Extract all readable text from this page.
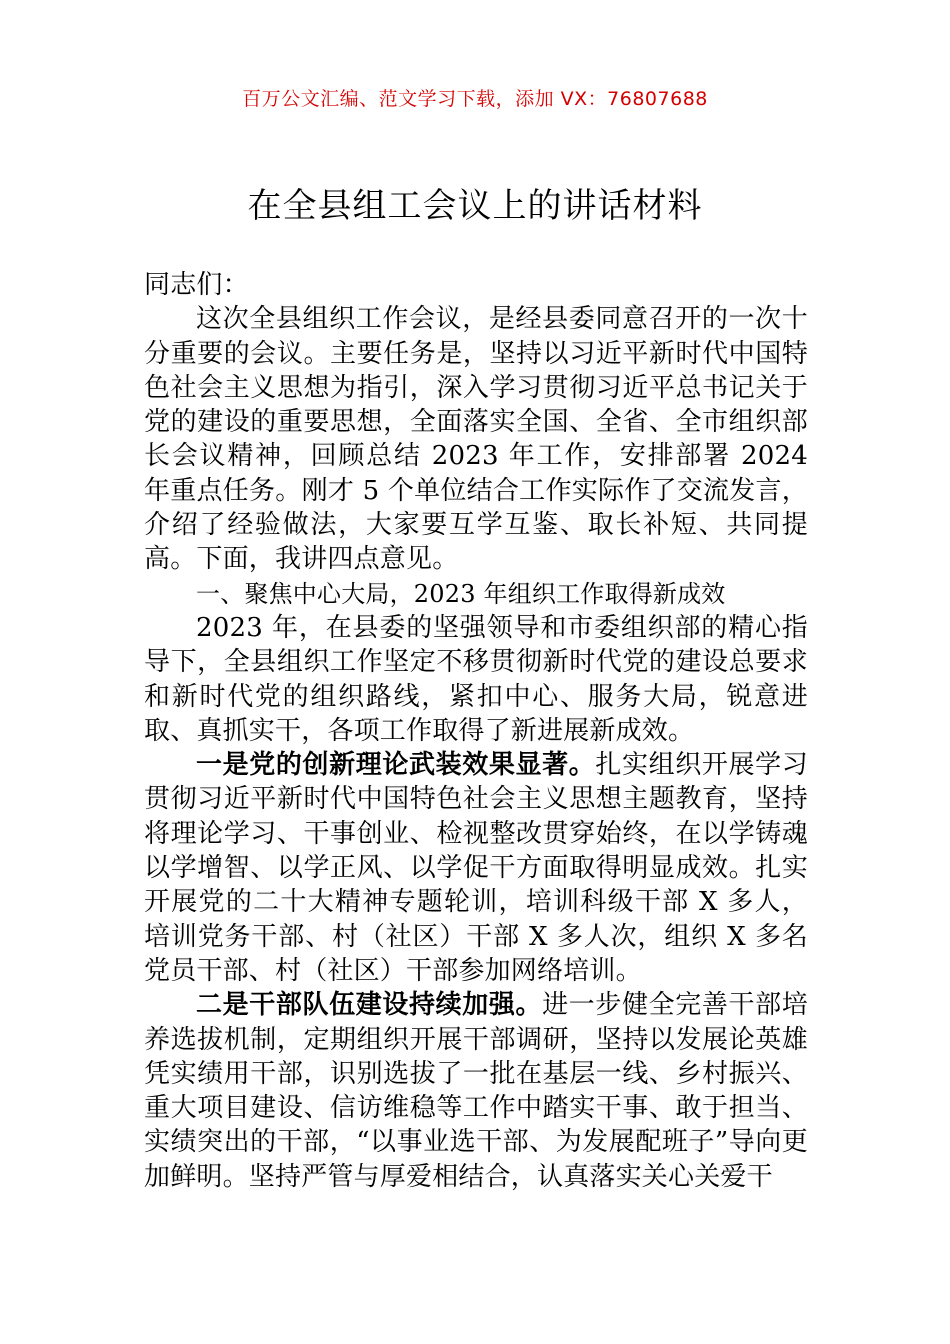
百万公文汇编、范文学习下载，添加 VX：76807688
在全县组工会议上的讲话材料

同志们：

这次全县组织工作会议，是经县委同意召开的一次十分重要的会议。主要任务是，坚持以习近平新时代中国特色社会主义思想为指引，深入学习贯彻习近平总书记关于党的建设的重要思想，全面落实全国、全省、全市组织部长会议精神，回顾总结 2023 年工作，安排部署 2024 年重点任务。刚才 5 个单位结合工作实际作了交流发言，介绍了经验做法，大家要互学互鉴、取长补短、共同提高。下面，我讲四点意见。

一、聚焦中心大局，2023 年组织工作取得新成效

2023 年，在县委的坚强领导和市委组织部的精心指导下，全县组织工作坚定不移贯彻新时代党的建设总要求和新时代党的组织路线，紧扣中心、服务大局，锐意进取、真抓实干，各项工作取得了新进展新成效。

一是党的创新理论武装效果显著。扎实组织开展学习贯彻习近平新时代中国特色社会主义思想主题教育，坚持将理论学习、干事创业、检视整改贯穿始终，在以学铸魂以学增智、以学正风、以学促干方面取得明显成效。扎实开展党的二十大精神专题轮训，培训科级干部 X 多人，培训党务干部、村（社区）干部 X 多人次，组织 X 多名党员干部、村（社区）干部参加网络培训。

二是干部队伍建设持续加强。进一步健全完善干部培养选拔机制，定期组织开展干部调研，坚持以发展论英雄凭实绩用干部，识别选拔了一批在基层一线、乡村振兴、重大项目建设、信访维稳等工作中踏实干事、敢于担当、实绩突出的干部，“以事业选干部、为发展配班子”导向更加鲜明。坚持严管与厚爱相结合，认真落实关心关爱干
